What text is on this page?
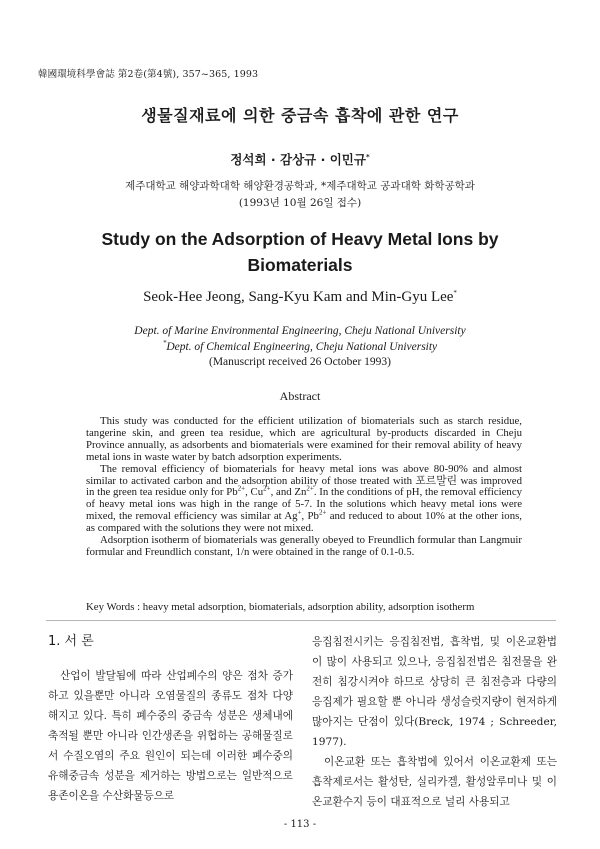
韓國環境科學會誌 第2卷(第4號), 357~365, 1993
생물질재료에 의한 중금속 흡착에 관한 연구
정석희 · 감상규 · 이민규*
제주대학교 해양과학대학 해양환경공학과, *제주대학교 공과대학 화학공학과
(1993년 10월 26일 접수)
Study on the Adsorption of Heavy Metal Ions by
Biomaterials
Seok-Hee Jeong, Sang-Kyu Kam and Min-Gyu Lee*
Dept. of Marine Environmental Engineering, Cheju National University
*Dept. of Chemical Engineering, Cheju National University
(Manuscript received 26 October 1993)
Abstract

This study was conducted for the efficient utilization of biomaterials such as starch residue, tangerine skin, and green tea residue, which are agricultural by-products discarded in Cheju Province annually, as adsorbents and biomaterials were examined for their removal ability of heavy metal ions in waste water by batch adsorption experiments.

The removal efficiency of biomaterials for heavy metal ions was above 80-90% and almost similar to activated carbon and the adsorption ability of those treated with 포르말린 was improved in the green tea residue only for $Pb^{2+}$, $Cu^{2+}$, and $Zn^{2+}$. In the conditions of pH, the removal efficiency of heavy metal ions was high in the range of 5-7. In the solutions which heavy metal ions were mixed, the removal efficiency was similar at Ag+, $Pb^{2+}$ and reduced to about 10% at the other ions, as compared with the solutions they were not mixed.

Adsorption isotherm of biomaterials was generally obeyed to Freundlich formular than Langmuir formular and Freundlich constant, 1/n were obtained in the range of 0.1-0.5.

Key Words : heavy metal adsorption, biomaterials, adsorption ability, adsorption isotherm
1. 서 론

산업이 발달됨에 따라 산업폐수의 양은 점차 증가하고 있을뿐만 아니라 오염물질의 종류도 점차 다양해지고 있다. 특히 폐수중의 중금속 성분은 생체내에 축적될 뿐만 아니라 인간생존을 위협하는 공해물질로서 수질오염의 주요 원인이 되는데 이러한 폐수중의 유해중금속 성분을 제거하는 방법으로는 일반적으로 용존이온을 수산화물등으로

응집침전시키는 응집침전법, 흡착법, 및 이온교환법이 많이 사용되고 있으나, 응집침전법은 침전물을 완전히 침강시켜야 하므로 상당히 큰 침전층과 다량의 응집제가 필요할 뿐 아니라 생성슬럿지량이 현저하게 많아지는 단점이 있다(Breck, 1974 ; Schreeder, 1977).

이온교환 또는 흡착법에 있어서 이온교환제 또는 흡착제로서는 활성탄, 실리카겔, 활성알루미나 및 이온교환수지 등이 대표적으로 널리 사용되고

- 113 -
